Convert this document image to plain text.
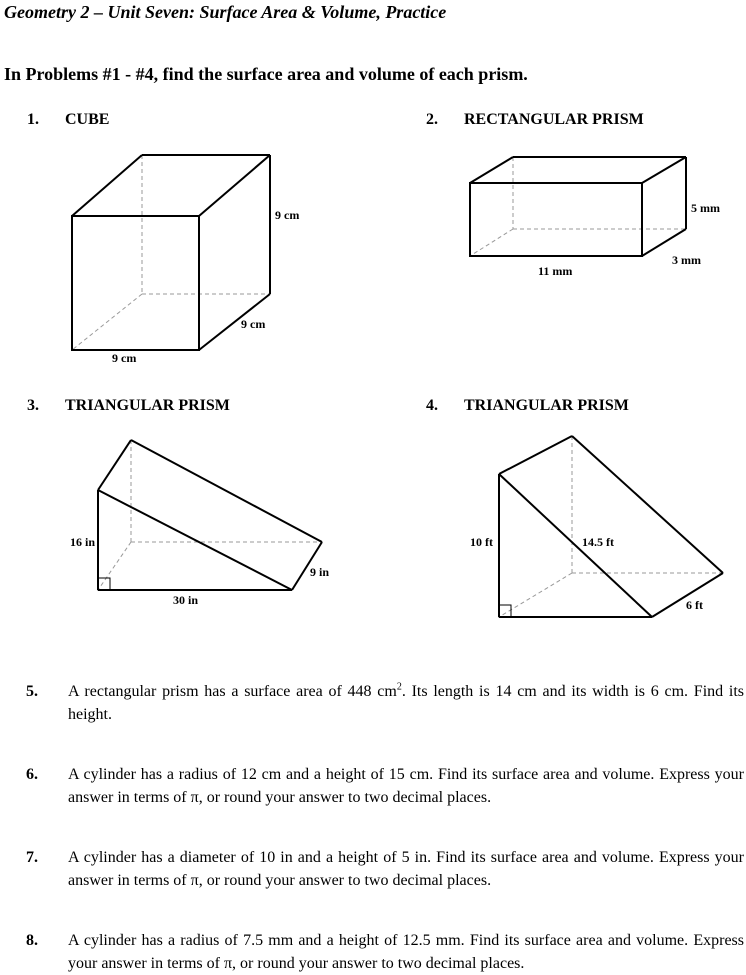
Geometry 2 – Unit Seven: Surface Area & Volume, Practice
In Problems #1 - #4, find the surface area and volume of each prism.
1. CUBE	2. RECTANGULAR PRISM
3. TRIANGULAR PRISM	4. TRIANGULAR PRISM
9 cm
9 cm
9 cm
5 mm
3 mm
11 mm
16 in
9 in
30 in
10 ft	14.5 ft
6 ft
5. A rectangular prism has a surface area of 448 $cm^2$. Its length is 14 cm and its width is 6 cm. Find its height.
6. A cylinder has a radius of 12 cm and a height of 15 cm. Find its surface area and volume. Express your answer in terms of π, or round your answer to two decimal places.
7. A cylinder has a diameter of 10 in and a height of 5 in. Find its surface area and volume. Express your answer in terms of π, or round your answer to two decimal places.
8. A cylinder has a radius of 7.5 mm and a height of 12.5 mm. Find its surface area and volume. Express your answer in terms of π, or round your answer to two decimal places.
